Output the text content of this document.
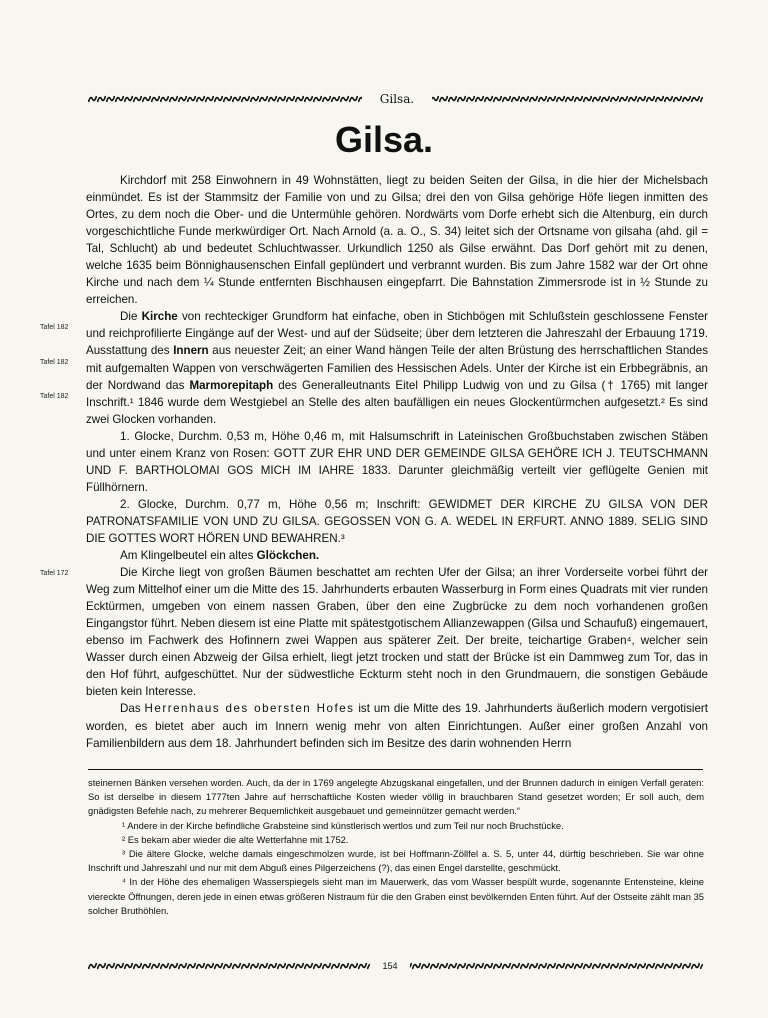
Gilsa.
Gilsa.
Tafel 182
Tafel 182
Tafel 182
Tafel 172

Kirchdorf mit 258 Einwohnern in 49 Wohnstätten, liegt zu beiden Seiten der Gilsa, in die hier der Michelsbach einmündet. Es ist der Stammsitz der Familie von und zu Gilsa; drei den von Gilsa gehörige Höfe liegen inmitten des Ortes, zu dem noch die Ober- und die Untermühle gehören. Nordwärts vom Dorfe erhebt sich die Altenburg, ein durch vorgeschichtliche Funde merkwürdiger Ort. Nach Arnold (a. a. O., S. 34) leitet sich der Ortsname von gilsaha (ahd. gil = Tal, Schlucht) ab und bedeutet Schluchtwasser. Urkundlich 1250 als Gilse erwähnt. Das Dorf gehört mit zu denen, welche 1635 beim Bönnighausenschen Einfall geplündert und verbrannt wurden. Bis zum Jahre 1582 war der Ort ohne Kirche und nach dem ¼ Stunde entfernten Bischhausen eingepfarrt. Die Bahnstation Zimmersrode ist in ½ Stunde zu erreichen.

Die Kirche von rechteckiger Grundform hat einfache, oben in Stichbögen mit Schlußstein geschlossene Fenster und reichprofilierte Eingänge auf der West- und auf der Südseite; über dem letzteren die Jahreszahl der Erbauung 1719. Ausstattung des Innern aus neuester Zeit; an einer Wand hängen Teile der alten Brüstung des herrschaftlichen Standes mit aufgemalten Wappen von verschwägerten Familien des Hessischen Adels. Unter der Kirche ist ein Erbbegräbnis, an der Nordwand das Marmorepitaph des Generalleutnants Eitel Philipp Ludwig von und zu Gilsa († 1765) mit langer Inschrift.¹ 1846 wurde dem Westgiebel an Stelle des alten baufälligen ein neues Glockentürmchen aufgesetzt.² Es sind zwei Glocken vorhanden.

1. Glocke, Durchm. 0,53 m, Höhe 0,46 m, mit Halsumschrift in Lateinischen Großbuchstaben zwischen Stäben und unter einem Kranz von Rosen: GOTT ZUR EHR UND DER GEMEINDE GILSA GEHÖRE ICH J. TEUTSCHMANN UND F. BARTHOLOMAI GOS MICH IM IAHRE 1833. Darunter gleichmäßig verteilt vier geflügelte Genien mit Füllhörnern.

2. Glocke, Durchm. 0,77 m, Höhe 0,56 m; Inschrift: GEWIDMET DER KIRCHE ZU GILSA VON DER PATRONATSFAMILIE VON UND ZU GILSA. GEGOSSEN VON G. A. WEDEL IN ERFURT. ANNO 1889. SELIG SIND DIE GOTTES WORT HÖREN UND BEWAHREN.³

Am Klingelbeutel ein altes Glöckchen.

Die Kirche liegt von großen Bäumen beschattet am rechten Ufer der Gilsa; an ihrer Vorderseite vorbei führt der Weg zum Mittelhof einer um die Mitte des 15. Jahrhunderts erbauten Wasserburg in Form eines Quadrats mit vier runden Ecktürmen, umgeben von einem nassen Graben, über den eine Zugbrücke zu dem noch vorhandenen großen Eingangstor führt. Neben diesem ist eine Platte mit spätestgotischem Allianzewappen (Gilsa und Schaufuß) eingemauert, ebenso im Fachwerk des Hofinnern zwei Wappen aus späterer Zeit. Der breite, teichartige Graben⁴, welcher sein Wasser durch einen Abzweig der Gilsa erhielt, liegt jetzt trocken und statt der Brücke ist ein Dammweg zum Tor, das in den Hof führt, aufgeschüttet. Nur der südwestliche Eckturm steht noch in den Grundmauern, die sonstigen Gebäude bieten kein Interesse.

Das Herrenhaus des obersten Hofes ist um die Mitte des 19. Jahrhunderts äußerlich modern vergotisiert worden, es bietet aber auch im Innern wenig mehr von alten Einrichtungen. Außer einer großen Anzahl von Familienbildern aus dem 18. Jahrhundert befinden sich im Besitze des darin wohnenden Herrn

steinernen Bänken versehen worden. Auch, da der in 1769 angelegte Abzugskanal eingefallen, und der Brunnen dadurch in einigen Verfall geraten: So ist derselbe in diesem 1777ten Jahre auf herrschaftliche Kosten wieder völlig in brauchbaren Stand gesetzet worden; Er soll auch, dem gnädigsten Befehle nach, zu mehrerer Bequemlichkeit ausgebauet und gemeinnützer gemacht werden.“

¹ Andere in der Kirche befindliche Grabsteine sind künstlerisch wertlos und zum Teil nur noch Bruchstücke.

² Es bekam aber wieder die alte Wetterfahne mit 1752.

³ Die ältere Glocke, welche damals eingeschmolzen wurde, ist bei Hoffmann-Zöllfel a. S. 5, unter 44, dürftig beschrieben. Sie war ohne Inschrift und Jahreszahl und nur mit dem Abguß eines Pilgerzeichens (?), das einen Engel darstellte, geschmückt.

⁴ In der Höhe des ehemaligen Wasserspiegels sieht man im Mauerwerk, das vom Wasser bespült wurde, sogenannte Entensteine, kleine viereckte Öffnungen, deren jede in einen etwas größeren Nistraum für die den Graben einst bevölkernden Enten führt. Auf der Ostseite zählt man 35 solcher Bruthöhlen.

154
